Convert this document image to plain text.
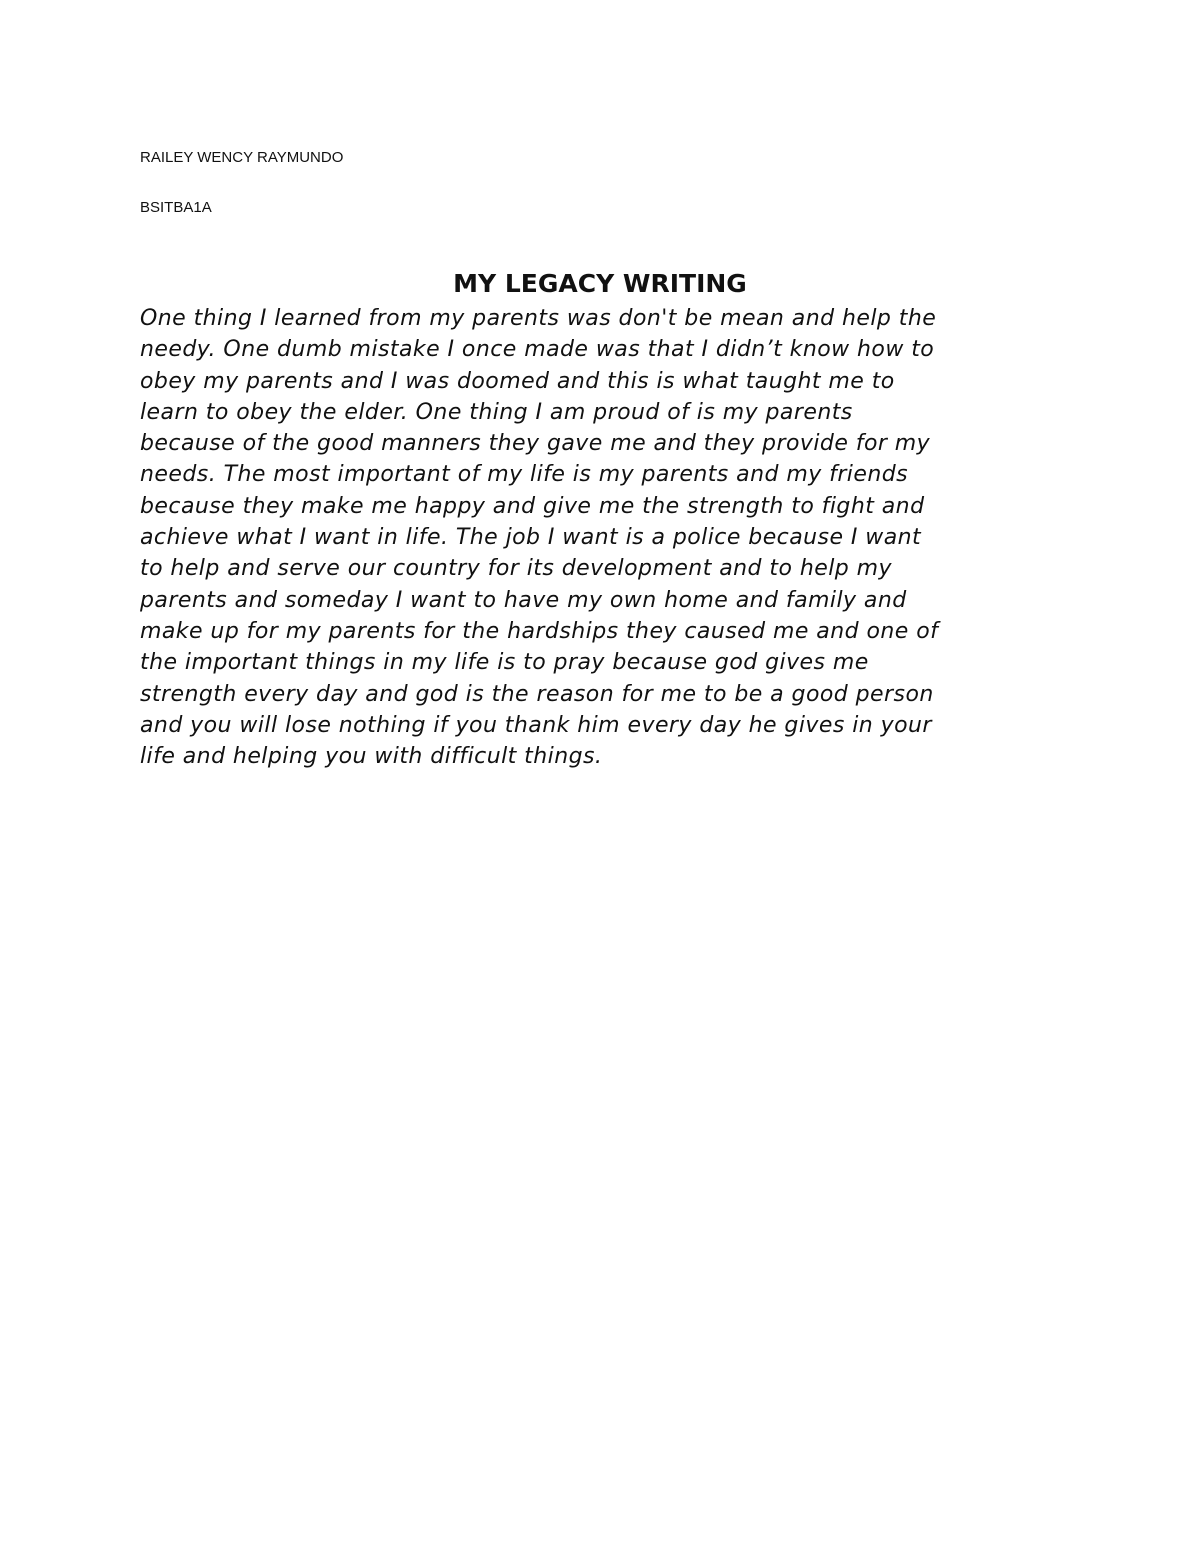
RAILEY WENCY RAYMUNDO
BSITBA1A
MY LEGACY WRITING

One thing I learned from my parents was don't be mean and help the
needy. One dumb mistake I once made was that I didn’t know how to
obey my parents and I was doomed and this is what taught me to
learn to obey the elder. One thing I am proud of is my parents
because of the good manners they gave me and they provide for my
needs. The most important of my life is my parents and my friends
because they make me happy and give me the strength to fight and
achieve what I want in life. The job I want is a police because I want
to help and serve our country for its development and to help my
parents and someday I want to have my own home and family and
make up for my parents for the hardships they caused me and one of
the important things in my life is to pray because god gives me
strength every day and god is the reason for me to be a good person
and you will lose nothing if you thank him every day he gives in your
life and helping you with difficult things.
